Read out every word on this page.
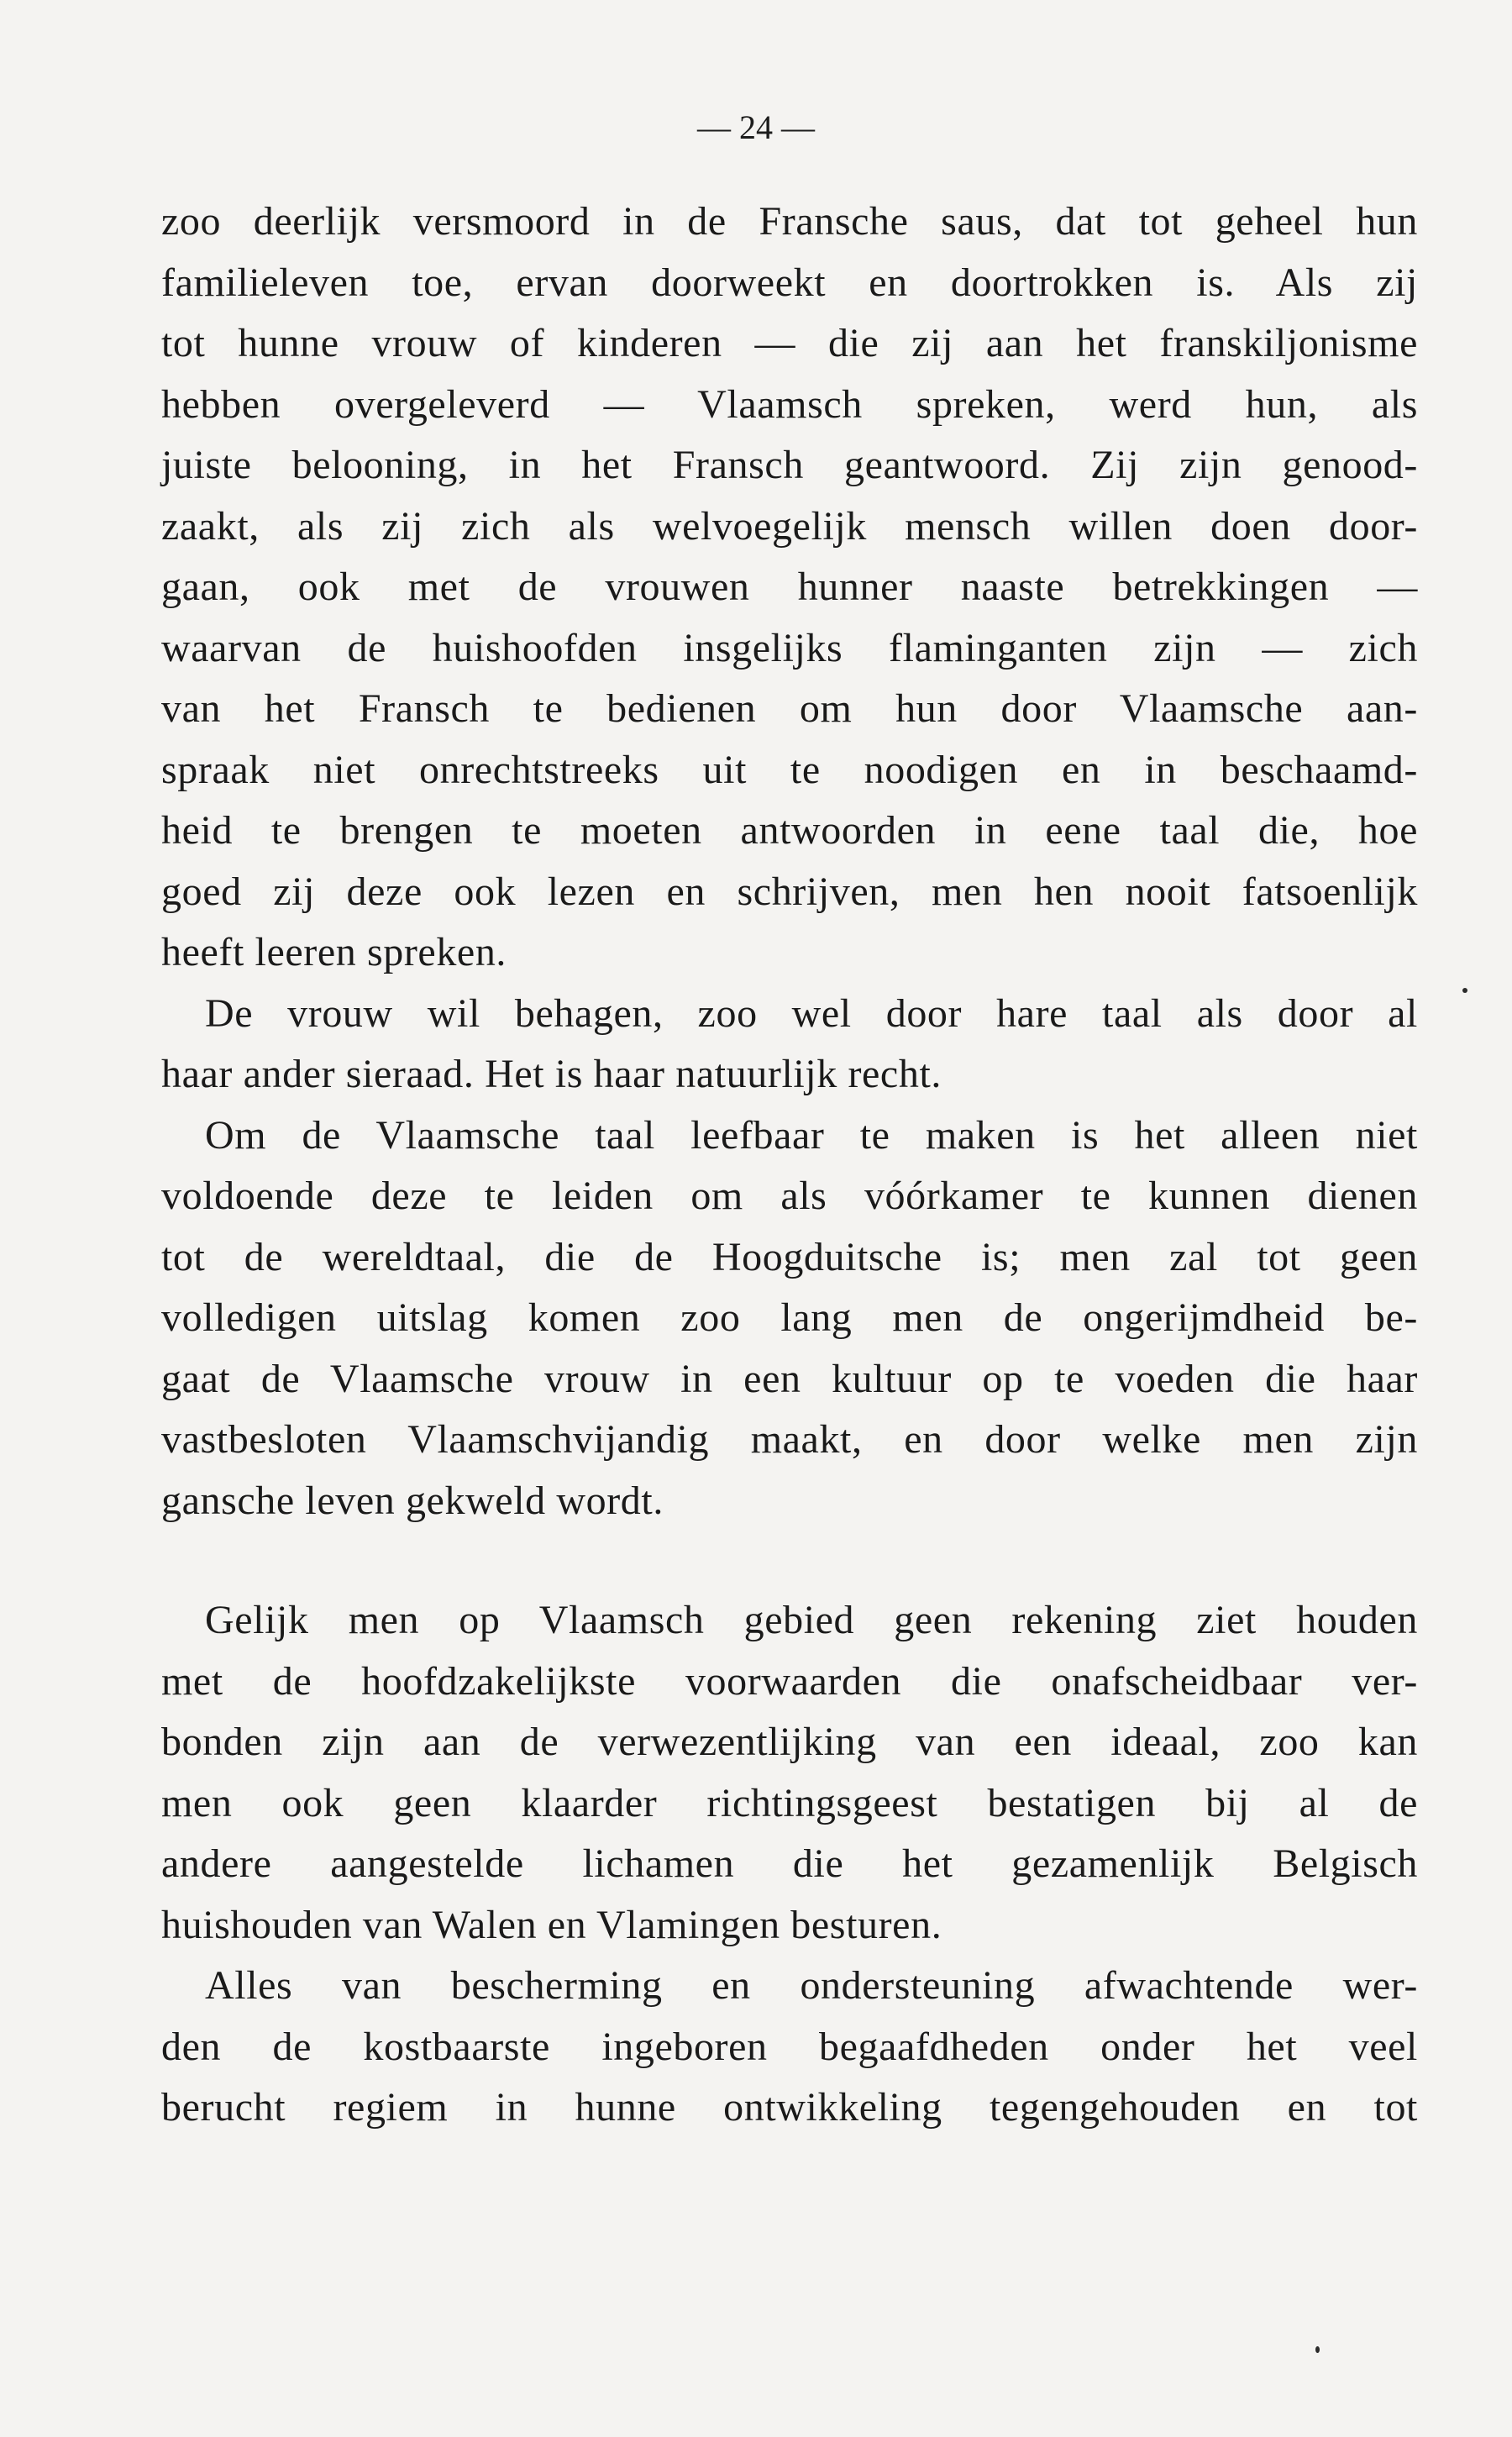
— 24 —
zoo deerlijk versmoord in de Fransche saus, dat tot geheel hun
familieleven toe, ervan doorweekt en doortrokken is. Als zij
tot hunne vrouw of kinderen — die zij aan het franskiljonisme
hebben overgeleverd — Vlaamsch spreken, werd hun, als
juiste belooning, in het Fransch geantwoord. Zij zijn genood-
zaakt, als zij zich als welvoegelijk mensch willen doen door-
gaan, ook met de vrouwen hunner naaste betrekkingen —
waarvan de huishoofden insgelijks flaminganten zijn — zich
van het Fransch te bedienen om hun door Vlaamsche aan-
spraak niet onrechtstreeks uit te noodigen en in beschaamd-
heid te brengen te moeten antwoorden in eene taal die, hoe
goed zij deze ook lezen en schrijven, men hen nooit fatsoenlijk
heeft leeren spreken.
De vrouw wil behagen, zoo wel door hare taal als door al
haar ander sieraad. Het is haar natuurlijk recht.
Om de Vlaamsche taal leefbaar te maken is het alleen niet
voldoende deze te leiden om als vóórkamer te kunnen dienen
tot de wereldtaal, die de Hoogduitsche is; men zal tot geen
volledigen uitslag komen zoo lang men de ongerijmdheid be-
gaat de Vlaamsche vrouw in een kultuur op te voeden die haar
vastbesloten Vlaamschvijandig maakt, en door welke men zijn
gansche leven gekweld wordt.
Gelijk men op Vlaamsch gebied geen rekening ziet houden
met de hoofdzakelijkste voorwaarden die onafscheidbaar ver-
bonden zijn aan de verwezentlijking van een ideaal, zoo kan
men ook geen klaarder richtingsgeest bestatigen bij al de
andere aangestelde lichamen die het gezamenlijk Belgisch
huishouden van Walen en Vlamingen besturen.
Alles van bescherming en ondersteuning afwachtende wer-
den de kostbaarste ingeboren begaafdheden onder het veel
berucht regiem in hunne ontwikkeling tegengehouden en tot
